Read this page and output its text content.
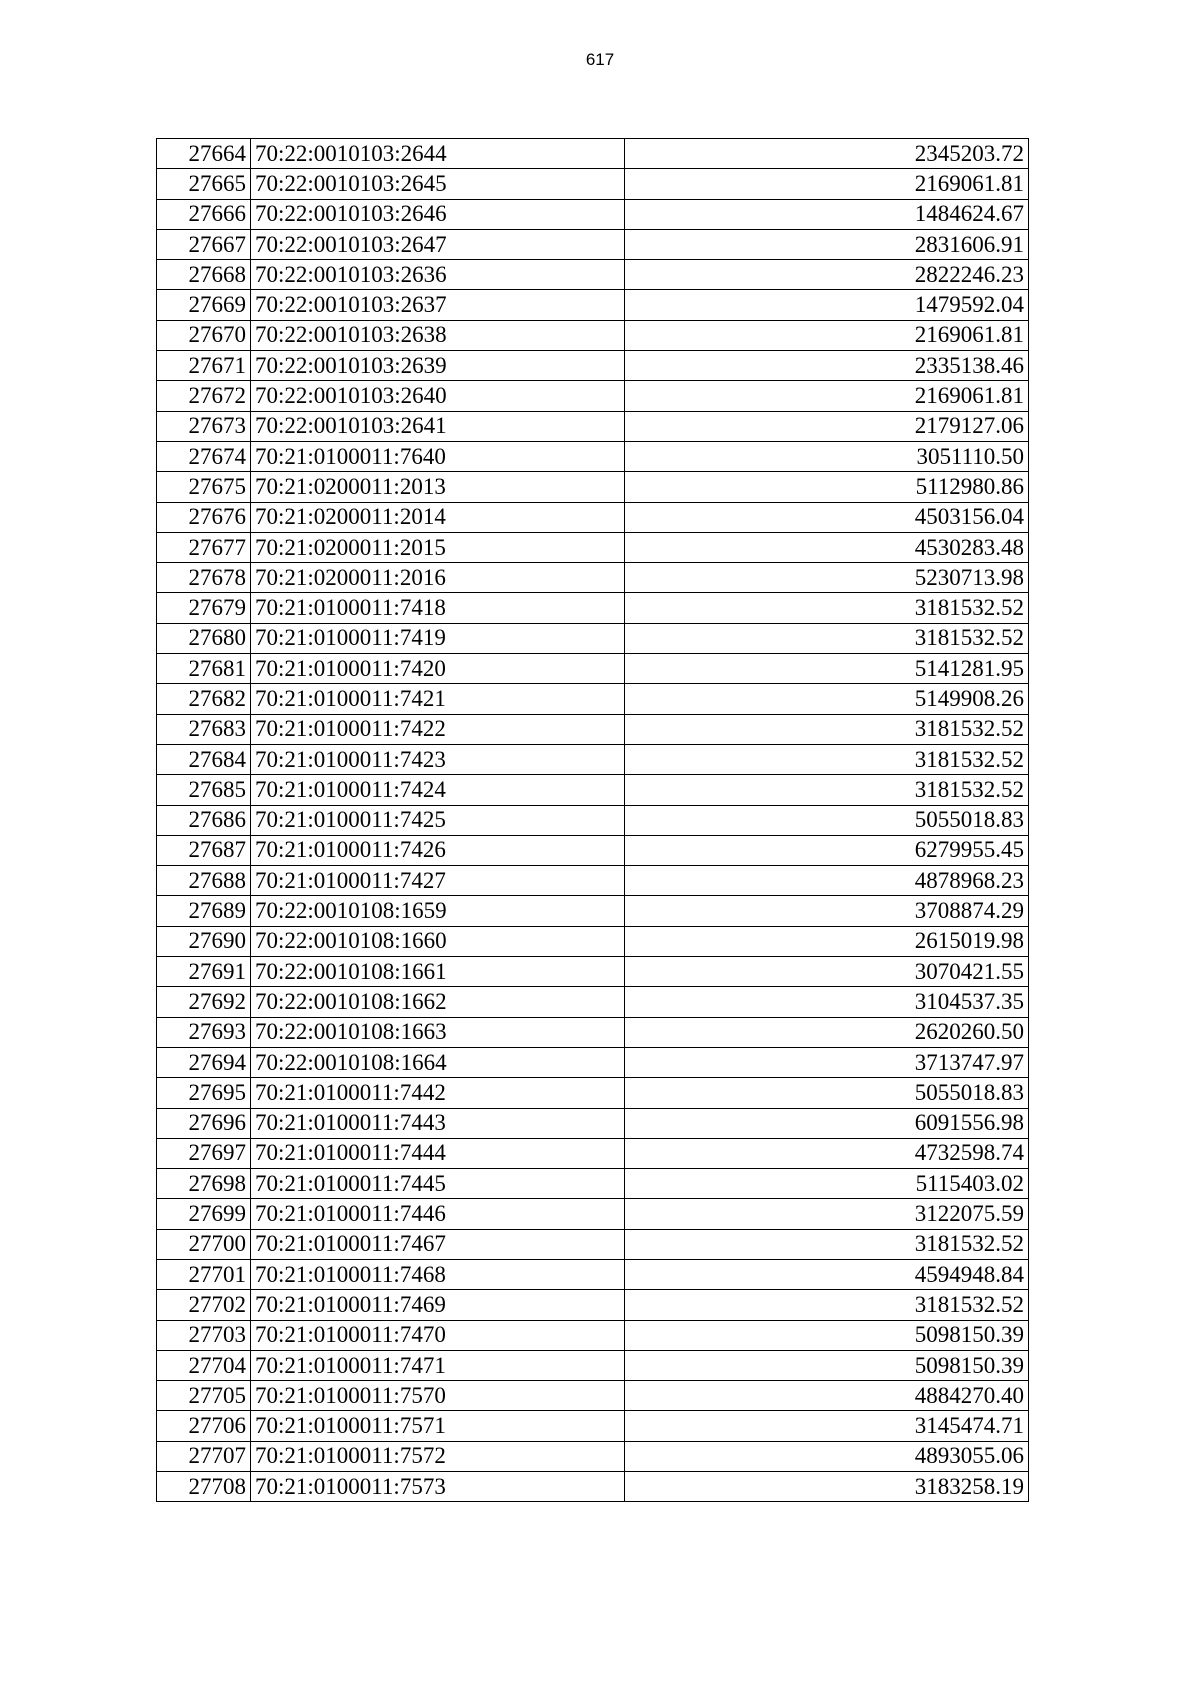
617
27664	70:22:0010103:2644	2345203.72
27665	70:22:0010103:2645	2169061.81
27666	70:22:0010103:2646	1484624.67
27667	70:22:0010103:2647	2831606.91
27668	70:22:0010103:2636	2822246.23
27669	70:22:0010103:2637	1479592.04
27670	70:22:0010103:2638	2169061.81
27671	70:22:0010103:2639	2335138.46
27672	70:22:0010103:2640	2169061.81
27673	70:22:0010103:2641	2179127.06
27674	70:21:0100011:7640	3051110.50
27675	70:21:0200011:2013	5112980.86
27676	70:21:0200011:2014	4503156.04
27677	70:21:0200011:2015	4530283.48
27678	70:21:0200011:2016	5230713.98
27679	70:21:0100011:7418	3181532.52
27680	70:21:0100011:7419	3181532.52
27681	70:21:0100011:7420	5141281.95
27682	70:21:0100011:7421	5149908.26
27683	70:21:0100011:7422	3181532.52
27684	70:21:0100011:7423	3181532.52
27685	70:21:0100011:7424	3181532.52
27686	70:21:0100011:7425	5055018.83
27687	70:21:0100011:7426	6279955.45
27688	70:21:0100011:7427	4878968.23
27689	70:22:0010108:1659	3708874.29
27690	70:22:0010108:1660	2615019.98
27691	70:22:0010108:1661	3070421.55
27692	70:22:0010108:1662	3104537.35
27693	70:22:0010108:1663	2620260.50
27694	70:22:0010108:1664	3713747.97
27695	70:21:0100011:7442	5055018.83
27696	70:21:0100011:7443	6091556.98
27697	70:21:0100011:7444	4732598.74
27698	70:21:0100011:7445	5115403.02
27699	70:21:0100011:7446	3122075.59
27700	70:21:0100011:7467	3181532.52
27701	70:21:0100011:7468	4594948.84
27702	70:21:0100011:7469	3181532.52
27703	70:21:0100011:7470	5098150.39
27704	70:21:0100011:7471	5098150.39
27705	70:21:0100011:7570	4884270.40
27706	70:21:0100011:7571	3145474.71
27707	70:21:0100011:7572	4893055.06
27708	70:21:0100011:7573	3183258.19
